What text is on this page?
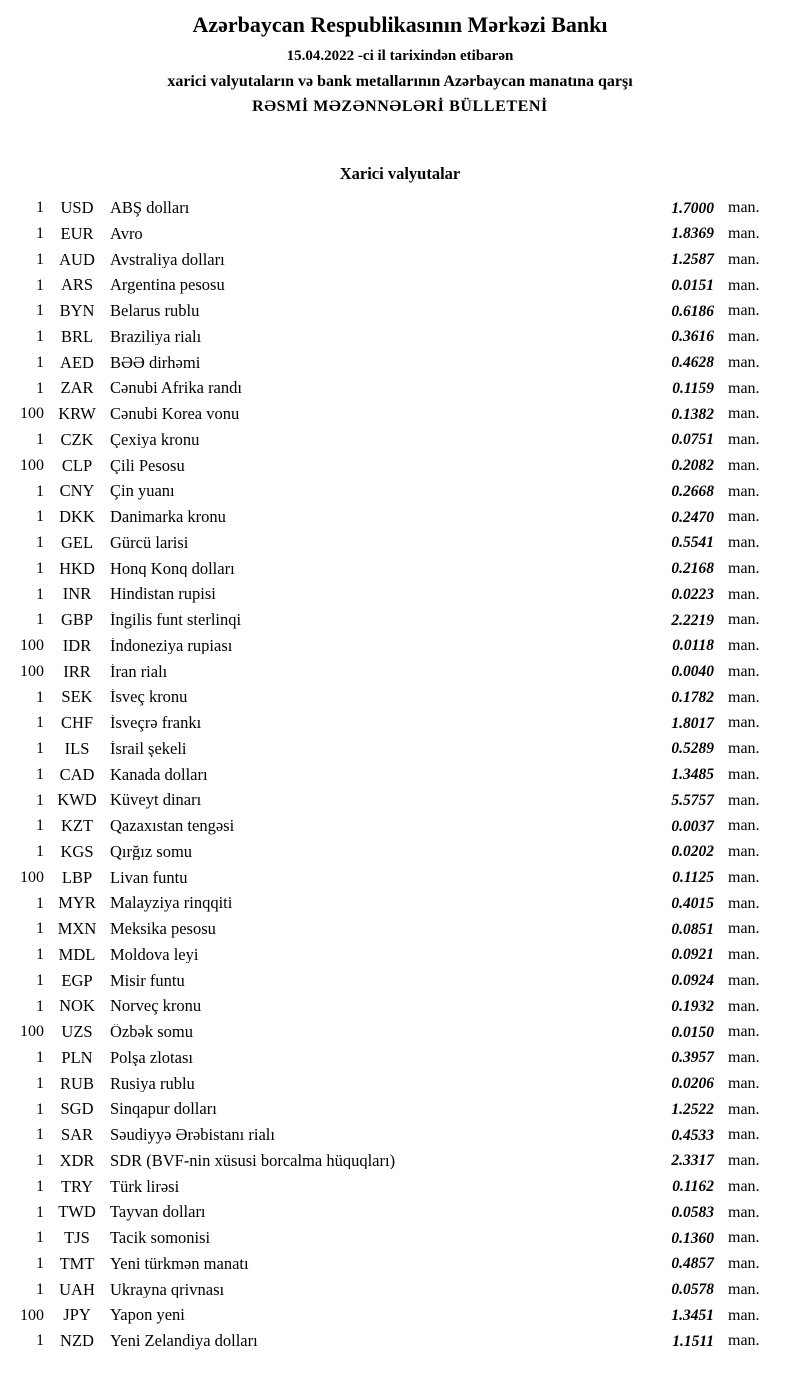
Azərbaycan Respublikasının Mərkəzi Bankı
15.04.2022 -ci il tarixindən etibarən
xarici valyutaların və bank metallarının Azərbaycan manatına qarşı
RƏSMİ MƏZƏNNƏLƏRİ BÜLLETENİ
Xarici valyutalar
1 USD	ABŞ dolları	1.7000 man.
1	EUR	Avro	1.8369 man.
1 AUD Avstraliya dolları	1.2587 man.
1	ARS	Argentina pesosu	0.0151 man.
1 BYN Belarus rublu	0.6186 man.
1	BRL	Braziliya rialı	0.3616 man.
1 AED BƏƏ dirhəmi	0.4628 man.
1	ZAR	Cənubi Afrika randı	0.1159 man.
100 KRW Cənubi Korea vonu	0.1382 man.
1	CZK	Çexiya kronu	0.0751 man.
100	CLP	Çili Pesosu	0.2082 man.
1 CNY Çin yuanı	0.2668 man.
1 DKK Danimarka kronu	0.2470 man.
1	GEL	Gürcü larisi	0.5541 man.
1 HKD Honq Konq dolları	0.2168 man.
1	INR	Hindistan rupisi	0.0223 man.
1	GBP	İngilis funt sterlinqi	2.2219 man.
100	IDR	İndoneziya rupiası	0.0118 man.
100	IRR	İran rialı	0.0040 man.
1	SEK	İsveç kronu	0.1782 man.
1	CHF	İsveçrə frankı	1.8017 man.
1	ILS	İsrail şekeli	0.5289 man.
1 CAD Kanada dolları	1.3485 man.
1 KWD Küveyt dinarı	5.5757 man.
1	KZT	Qazaxıstan tengəsi	0.0037 man.
1 KGS	Qırğız somu	0.0202 man.
100	LBP	Livan funtu	0.1125 man.
1 MYR Malayziya rinqqiti	0.4015 man.
1 MXN Meksika pesosu	0.0851 man.
1 MDL Moldova leyi	0.0921 man.
1	EGP	Misir funtu	0.0924 man.
1 NOK Norveç kronu	0.1932 man.
100	UZS	Özbək somu	0.0150 man.
1	PLN	Polşa zlotası	0.3957 man.
1 RUB Rusiya rublu	0.0206 man.
1 SGD	Sinqapur dolları	1.2522 man.
1	SAR	Səudiyyə Ərəbistanı rialı	0.4533 man.
1 XDR SDR (BVF-nin xüsusi borcalma hüquqları)	2.3317 man.
1	TRY	Türk lirəsi	0.1162 man.
1 TWD Tayvan dolları	0.0583 man.
1	TJS	Tacik somonisi	0.1360 man.
1 TMT Yeni türkmən manatı	0.4857 man.
1 UAH Ukrayna qrivnası	0.0578 man.
100	JPY	Yapon yeni	1.3451 man.
1 NZD Yeni Zelandiya dolları	1.1511 man.
